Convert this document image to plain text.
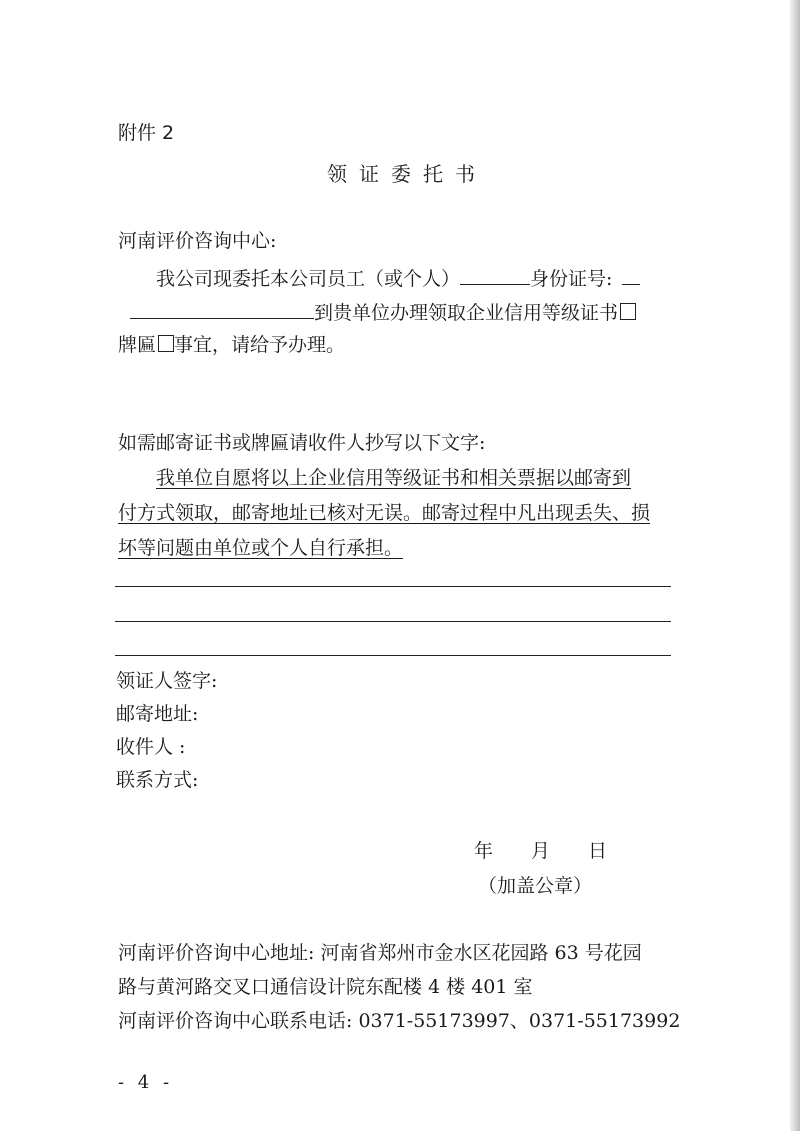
附件 2
领证委托书
河南评价咨询中心:
我公司现委托本公司员工（或个人）	身份证号: 
到贵单位办理领取企业信用等级证书
牌匾 事宜，请给予办理。
如需邮寄证书或牌匾请收件人抄写以下文字:
我单位自愿将以上企业信用等级证书和相关票据以邮寄到
付方式领取，邮寄地址已核对无误。邮寄过程中凡出现丢失、损
坏等问题由单位或个人自行承担。
领证人签字:
邮寄地址:
收件人 :
联系方式:
年　　月　　日
（加盖公章）
河南评价咨询中心地址: 河南省郑州市金水区花园路 63 号花园
路与黄河路交叉口通信设计院东配楼 4 楼 401 室
河南评价咨询中心联系电话: 0371-55173997、0371-55173992
- 4 -
